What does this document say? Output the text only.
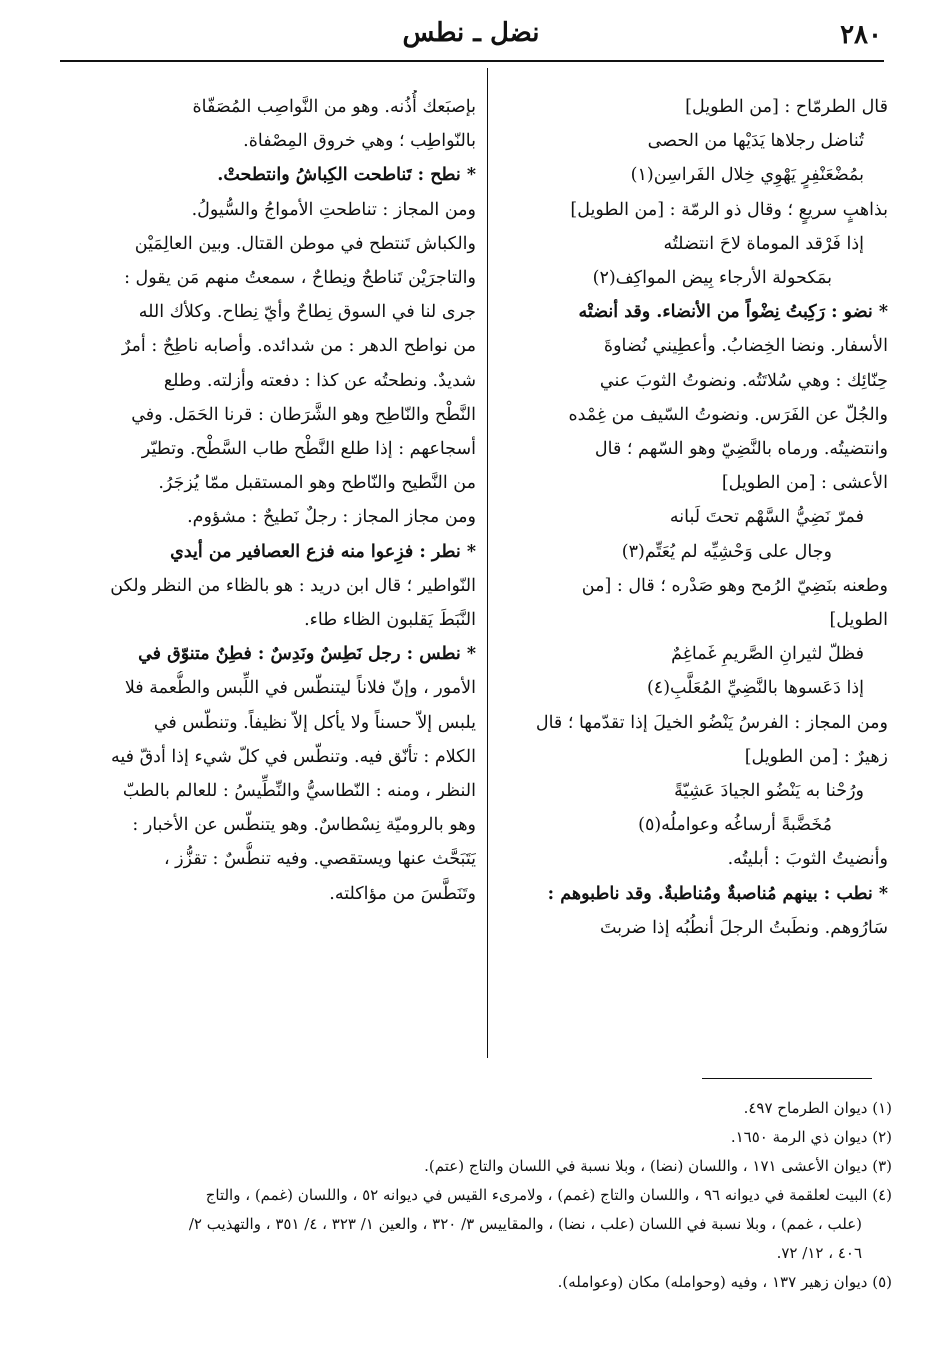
٢٨٠
نضل ـ نطس
قال الطرمّاح : [من الطويل]
تُناضل رجلاها يَدَيْها من الحصى
بمُضْعَنْفِرٍ يَهْوِي خِلال الفَراسِن(١)
بذاهبٍ سريعٍ ؛ وقال ذو الرمّة : [من الطويل]
إذا فَرْقد الموماة لاحَ انتضلتُه
بمَكحولة الأرجاء بِيض المواكِف(٢)
* نضو : رَكِبتُ نِضْواً من الأنضاء. وقد أنضتْه
الأسفار. ونضا الخِضابُ. وأعطِيني نُضاوةَ
حِنّائِك : وهي سُلاتَتُه. ونضوتُ الثوبَ عني
والجُلّ عن الفَرَس. ونضوتُ السّيف من غِمْده
وانتضيتُه. ورماه بالنَّضِيّ وهو السّهم ؛ قال
الأعشى : [من الطويل]
فمرّ نَضِيُّ السَّهْم تحتَ لَبانه
وجال على وَحْشِيِّه لم يُعَتِّم(٣)
وطعنه بنَضِيّ الرُمح وهو صَدْره ؛ قال : [من
الطويل]
فظلّ لثيرانِ الصَّريمِ غَماغِمٌ
إذا دَعَسوها بالنَّضِيِّ المُعَلَّبِ(٤)
ومن المجاز : الفرسُ يَنْضُو الخيلَ إذا تقدّمها ؛ قال
زهيرٌ : [من الطويل]
ورُحْنا به يَنْضُو الجيادَ عَشِيّةً
مُخَضَّبةً أرساغُه وعواملُه(٥)
وأنضيتُ الثوبَ : أبليتُه.
* نطب : بينهم مُناصبةٌ ومُناطبةٌ. وقد ناطبوهم :
سَارُوهم. ونطَبتُ الرجلَ أنطُبُه إذا ضربتَ
بإصبَعك أُذُنه. وهو من النَّواصِب المُصَفّاة
بالنّواطِب ؛ وهي خروق المِصْفاة.
* نطح : تَناطحت الكِباشُ وانتطحتْ.
ومن المجاز : تناطحتِ الأمواجُ والسُّيولُ.
والكباش تَنتطح في موطن القتال. وبين العالِمَيْن
والتاجرَيْن تَناطحٌ ونِطاحٌ ، سمعتُ منهم مَن يقول :
جرى لنا في السوق نِطاحٌ وأيّ نِطاح. وكلأك الله
من نواطح الدهر : من شدائده. وأصابه ناطِحٌ : أمرٌ
شديدٌ. ونطحتُه عن كذا : دفعته وأزلته. وطلع
النَّطْح والنّاطِح وهو الشَّرَطان : قرنا الحَمَل. وفي
أسجاعهم : إذا طلع النَّطْح طاب السَّطْح. وتطيّر
من النَّطيح والنّاطح وهو المستقبل ممّا يُزجَرُ.
ومن مجاز المجاز : رجلٌ نَطيحٌ : مشؤوم.
* نطر : فزِعوا منه فزع العصافير من أيدي
النّواطير ؛ قال ابن دريد : هو بالظاء من النظر ولكن
النَّبَطَ يَقلبون الظاء طاء.
* نطس : رجل نَطِسٌ ونَدِسٌ : فطِنٌ متنوّق في
الأمور ، وإنّ فلاناً ليتنطّس في اللِّبس والطُّعمة فلا
يلبس إلاّ حسناً ولا يأكل إلاّ نظيفاً. وتنطّس في
الكلام : تأنّق فيه. وتنطّس في كلّ شيء إذا أدقّ فيه
النظر ، ومنه : النّطاسيُّ والنِّطِّيسُ : للعالم بالطبّ
وهو بالروميّة نِسْطاسٌ. وهو يتنطّس عن الأخبار :
يَتَبَحَّث عنها ويستقصي. وفيه تنطُّسٌ : تقزُّز ،
وتَنَطَّسَ من مؤاكلته.
(١) ديوان الطرماح ٤٩٧.
(٢) ديوان ذي الرمة ١٦٥٠.
(٣) ديوان الأعشى ١٧١ ، واللسان (نضا) ، وبلا نسبة في اللسان والتاج (عتم).
(٤) البيت لعلقمة في ديوانه ٩٦ ، واللسان والتاج (غمم) ، ولامرىء القيس في ديوانه ٥٢ ، واللسان (غمم) ، والتاج
(علب ، غمم) ، وبلا نسبة في اللسان (علب ، نضا) ، والمقاييس ٣/ ٣٢٠ ، والعين ١/ ٣٢٣ ، ٤/ ٣٥١ ، والتهذيب ٢/
٤٠٦ ، ١٢/ ٧٢.
(٥) ديوان زهير ١٣٧ ، وفيه (وحوامله) مكان (وعوامله).
